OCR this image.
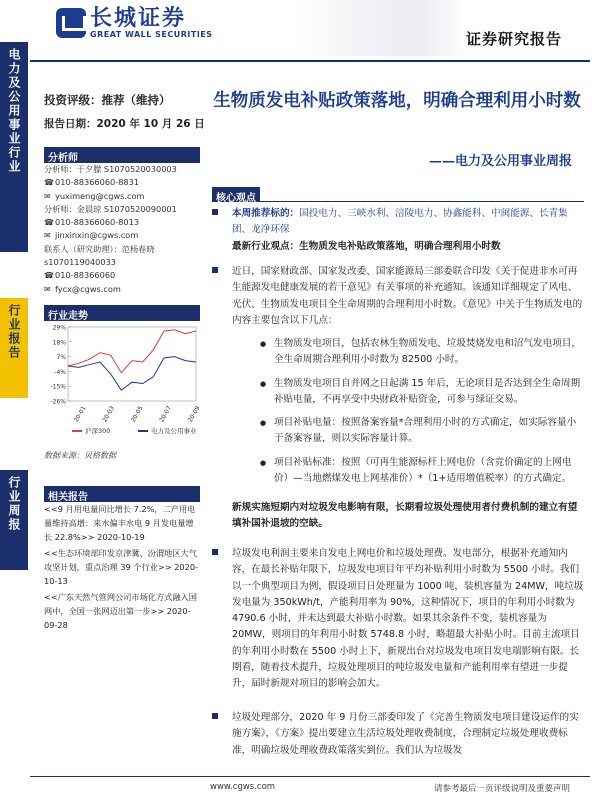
电力及公用事业行业
行业报告
行业周报
长城证券
GREAT WALL SECURITIES	证券研究报告
投资评级：推荐（维持）
报告日期：2020 年 10 月 26 日
分析师
分析师：于夕朦 S1070520030003
☎ 010-88366060-8831
✉ yuximeng@cgws.com
分析师：金晨琼 S1070520090001
☎ 010-88366060-8013
✉ jinxinxin@cgws.com
联系人（研究助理）：范杨春晓
s1070119040033
☎ 010-88366060
✉ fycx@cgws.com
行业走势
29%
18%
7%
-4%
-15%
-26%
20-01 20-03 20-05 20-07 20-09
沪深300	电力及公用事业
数据来源：贝格数据
相关报告
<<9 月用电量同比增长 7.2%，二产用电量维持高增：来水偏丰水电 9 月发电量增长 22.8%>> 2020-10-19
<<生态环境部印发京津冀、汾渭地区大气攻坚计划，重点治理 39 个行业>> 2020-10-13
<<广东天然气管网公司市场化方式融入国网中，全国一张网迈出第一步>> 2020-09-28
生物质发电补贴政策落地，明确合理利用小时数
——电力及公用事业周报
核心观点
本周推荐标的：国投电力、三峡水利、涪陵电力、协鑫能科、中闽能源、长青集团、龙净环保
最新行业观点：生物质发电补贴政策落地，明确合理利用小时数
近日，国家财政部、国家发改委、国家能源局三部委联合印发《关于促进非水可再生能源发电健康发展的若干意见》有关事项的补充通知。该通知详细规定了风电、光伏、生物质发电项目全生命周期的合理利用小时数。《意见》中关于生物质发电的内容主要包含以下几点：
● 生物质发电项目，包括农林生物质发电、垃圾焚烧发电和沼气发电项目，全生命周期合理利用小时数为 82500 小时。
● 生物质发电项目自并网之日起满 15 年后，无论项目是否达到全生命周期补贴电量，不再享受中央财政补贴资金，可参与绿证交易。
● 项目补贴电量：按照备案容量*合理利用小时的方式确定，如实际容量小于备案容量，则以实际容量计算。
● 项目补贴标准：按照（可再生能源标杆上网电价（含竞价确定的上网电价）—当地燃煤发电上网基准价）*（1+适用增值税率）的方式确定。
新规实施短期内对垃圾发电影响有限，长期看垃圾处理使用者付费机制的建立有望填补国补退坡的空缺。
垃圾发电利润主要来自发电上网电价和垃圾处理费。发电部分，根据补充通知内容，在最长补贴年限下，垃圾发电项目年平均补贴利用小时数为 5500 小时。我们以一个典型项目为例，假设项目日处理量为 1000 吨，装机容量为 24MW，吨垃圾发电量为 350kWh/t，产能利用率为 90%，这种情况下，项目的年利用小时数为 4790.6 小时，并未达到最大补贴小时数。如果其余条件不变，装机容量为 20MW，则项目的年利用小时数 5748.8 小时，略超最大补贴小时。目前主流项目的年利用小时数在 5500 小时上下，新规出台对垃圾发电项目发电端影响有限。长期看，随着技术提升，垃圾处理项目的吨垃圾发电量和产能利用率有望进一步提升，届时新规对项目的影响会加大。
垃圾处理部分，2020 年 9 月份三部委印发了《完善生物质发电项目建设运作的实施方案》，《方案》提出要建立生活垃圾处理收费制度，合理制定垃圾处理收费标准，明确垃圾处理收费政策落实到位。我们认为垃圾发
www.cgws.com	请参考最后一页评级说明及重要声明
